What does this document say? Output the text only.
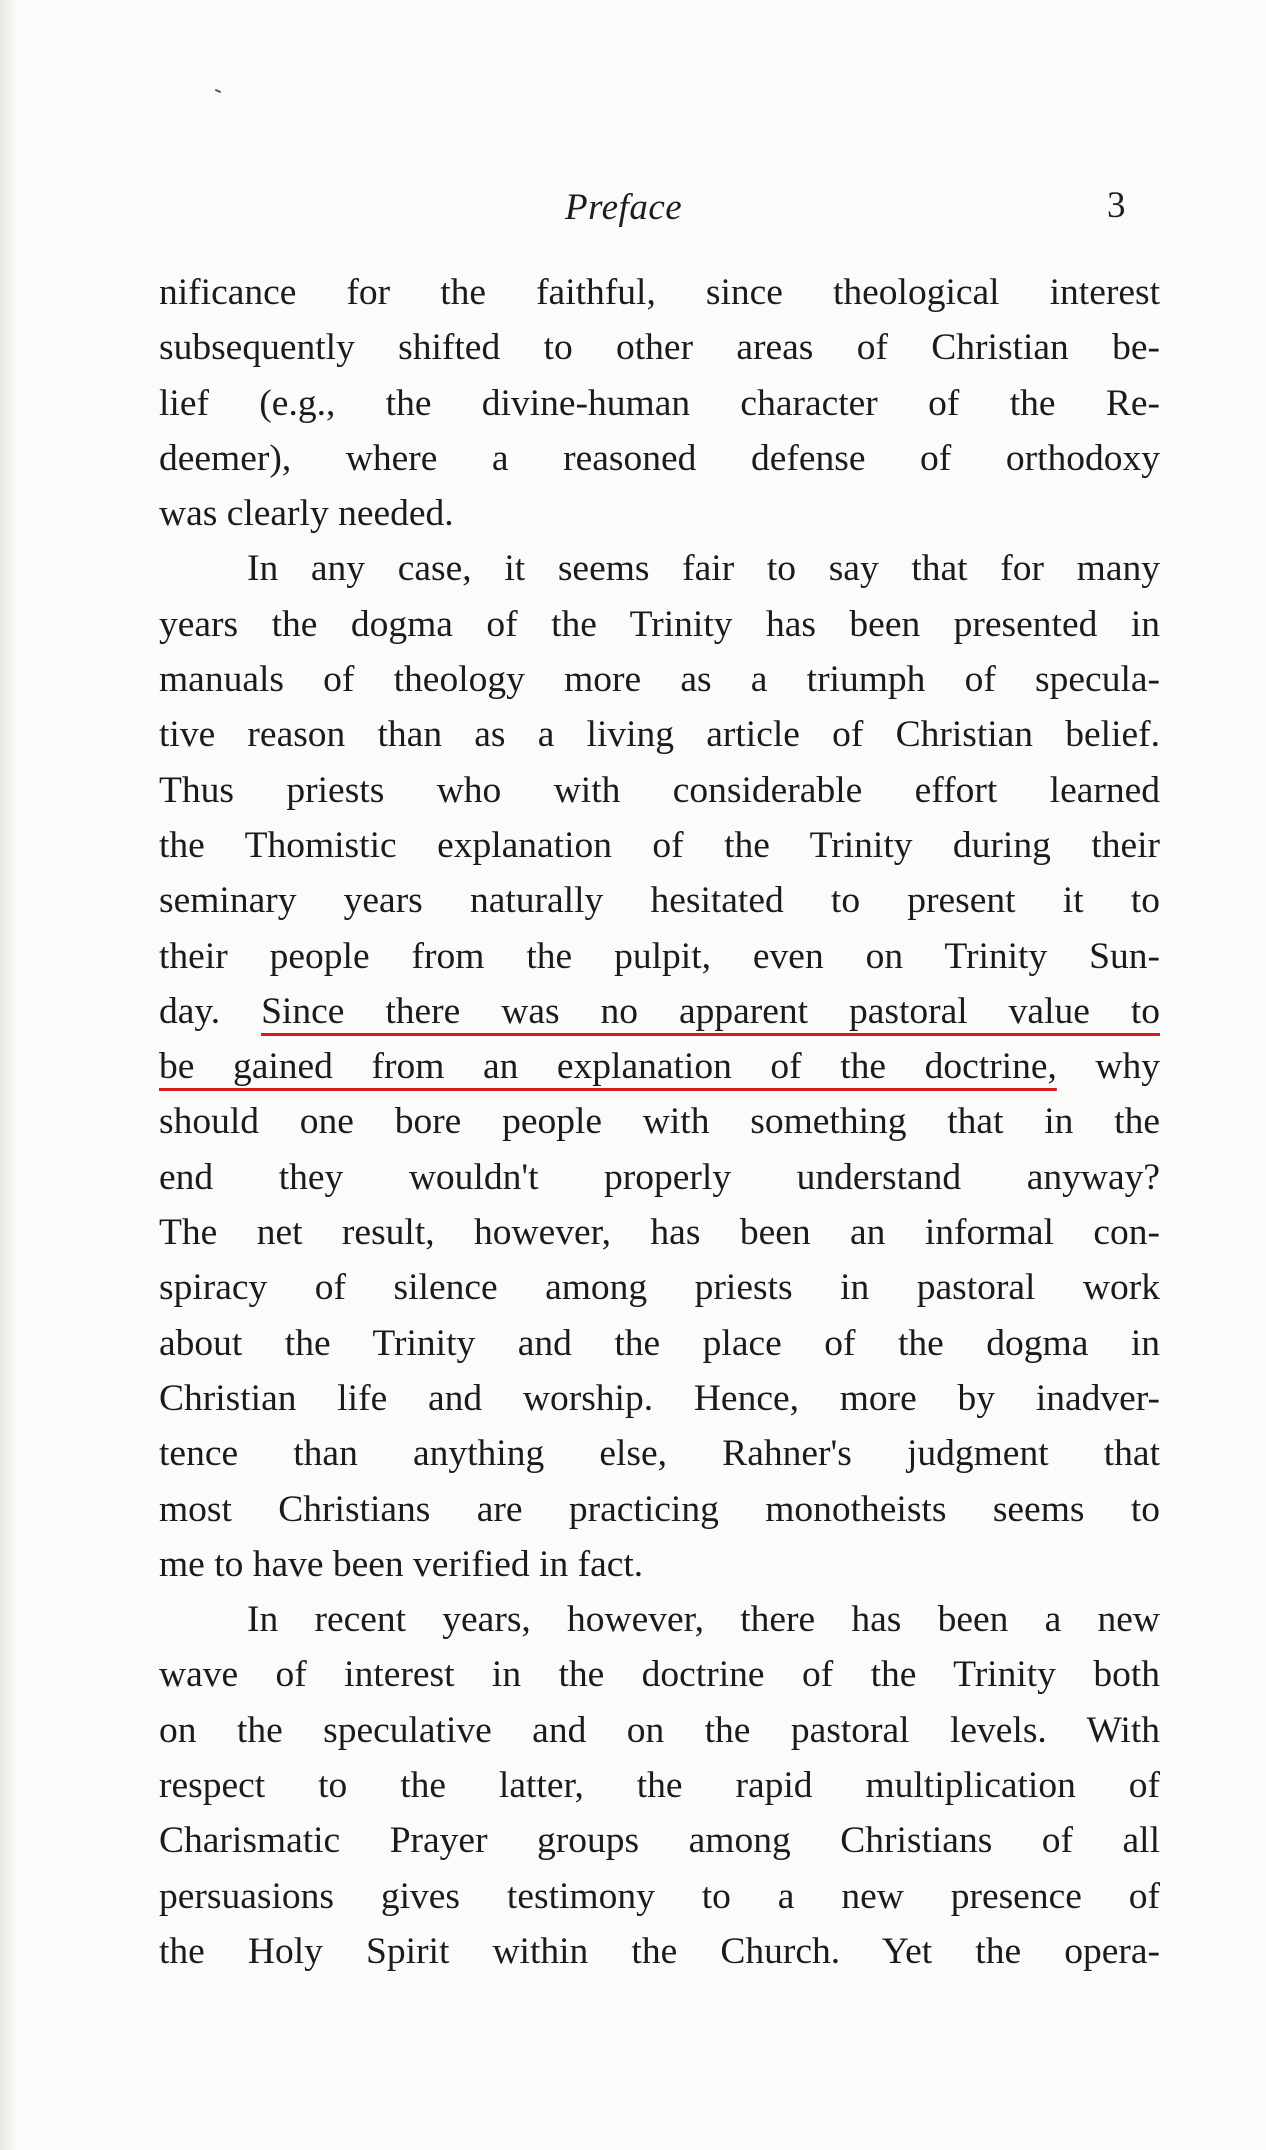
Preface	3
nificance for the faithful, since theological interest
subsequently shifted to other areas of Christian be-
lief (e.g., the divine-human character of the Re-
deemer), where a reasoned defense of orthodoxy
was clearly needed.
In any case, it seems fair to say that for many
years the dogma of the Trinity has been presented in
manuals of theology more as a triumph of specula-
tive reason than as a living article of Christian belief.
Thus priests who with considerable effort learned
the Thomistic explanation of the Trinity during their
seminary years naturally hesitated to present it to
their people from the pulpit, even on Trinity Sun-
day. Since there was no apparent pastoral value to
be gained from an explanation of the doctrine, why
should one bore people with something that in the
end they wouldn't properly understand anyway?
The net result, however, has been an informal con-
spiracy of silence among priests in pastoral work
about the Trinity and the place of the dogma in
Christian life and worship. Hence, more by inadver-
tence than anything else, Rahner's judgment that
most Christians are practicing monotheists seems to
me to have been verified in fact.
In recent years, however, there has been a new
wave of interest in the doctrine of the Trinity both
on the speculative and on the pastoral levels. With
respect to the latter, the rapid multiplication of
Charismatic Prayer groups among Christians of all
persuasions gives testimony to a new presence of
the Holy Spirit within the Church. Yet the opera-
